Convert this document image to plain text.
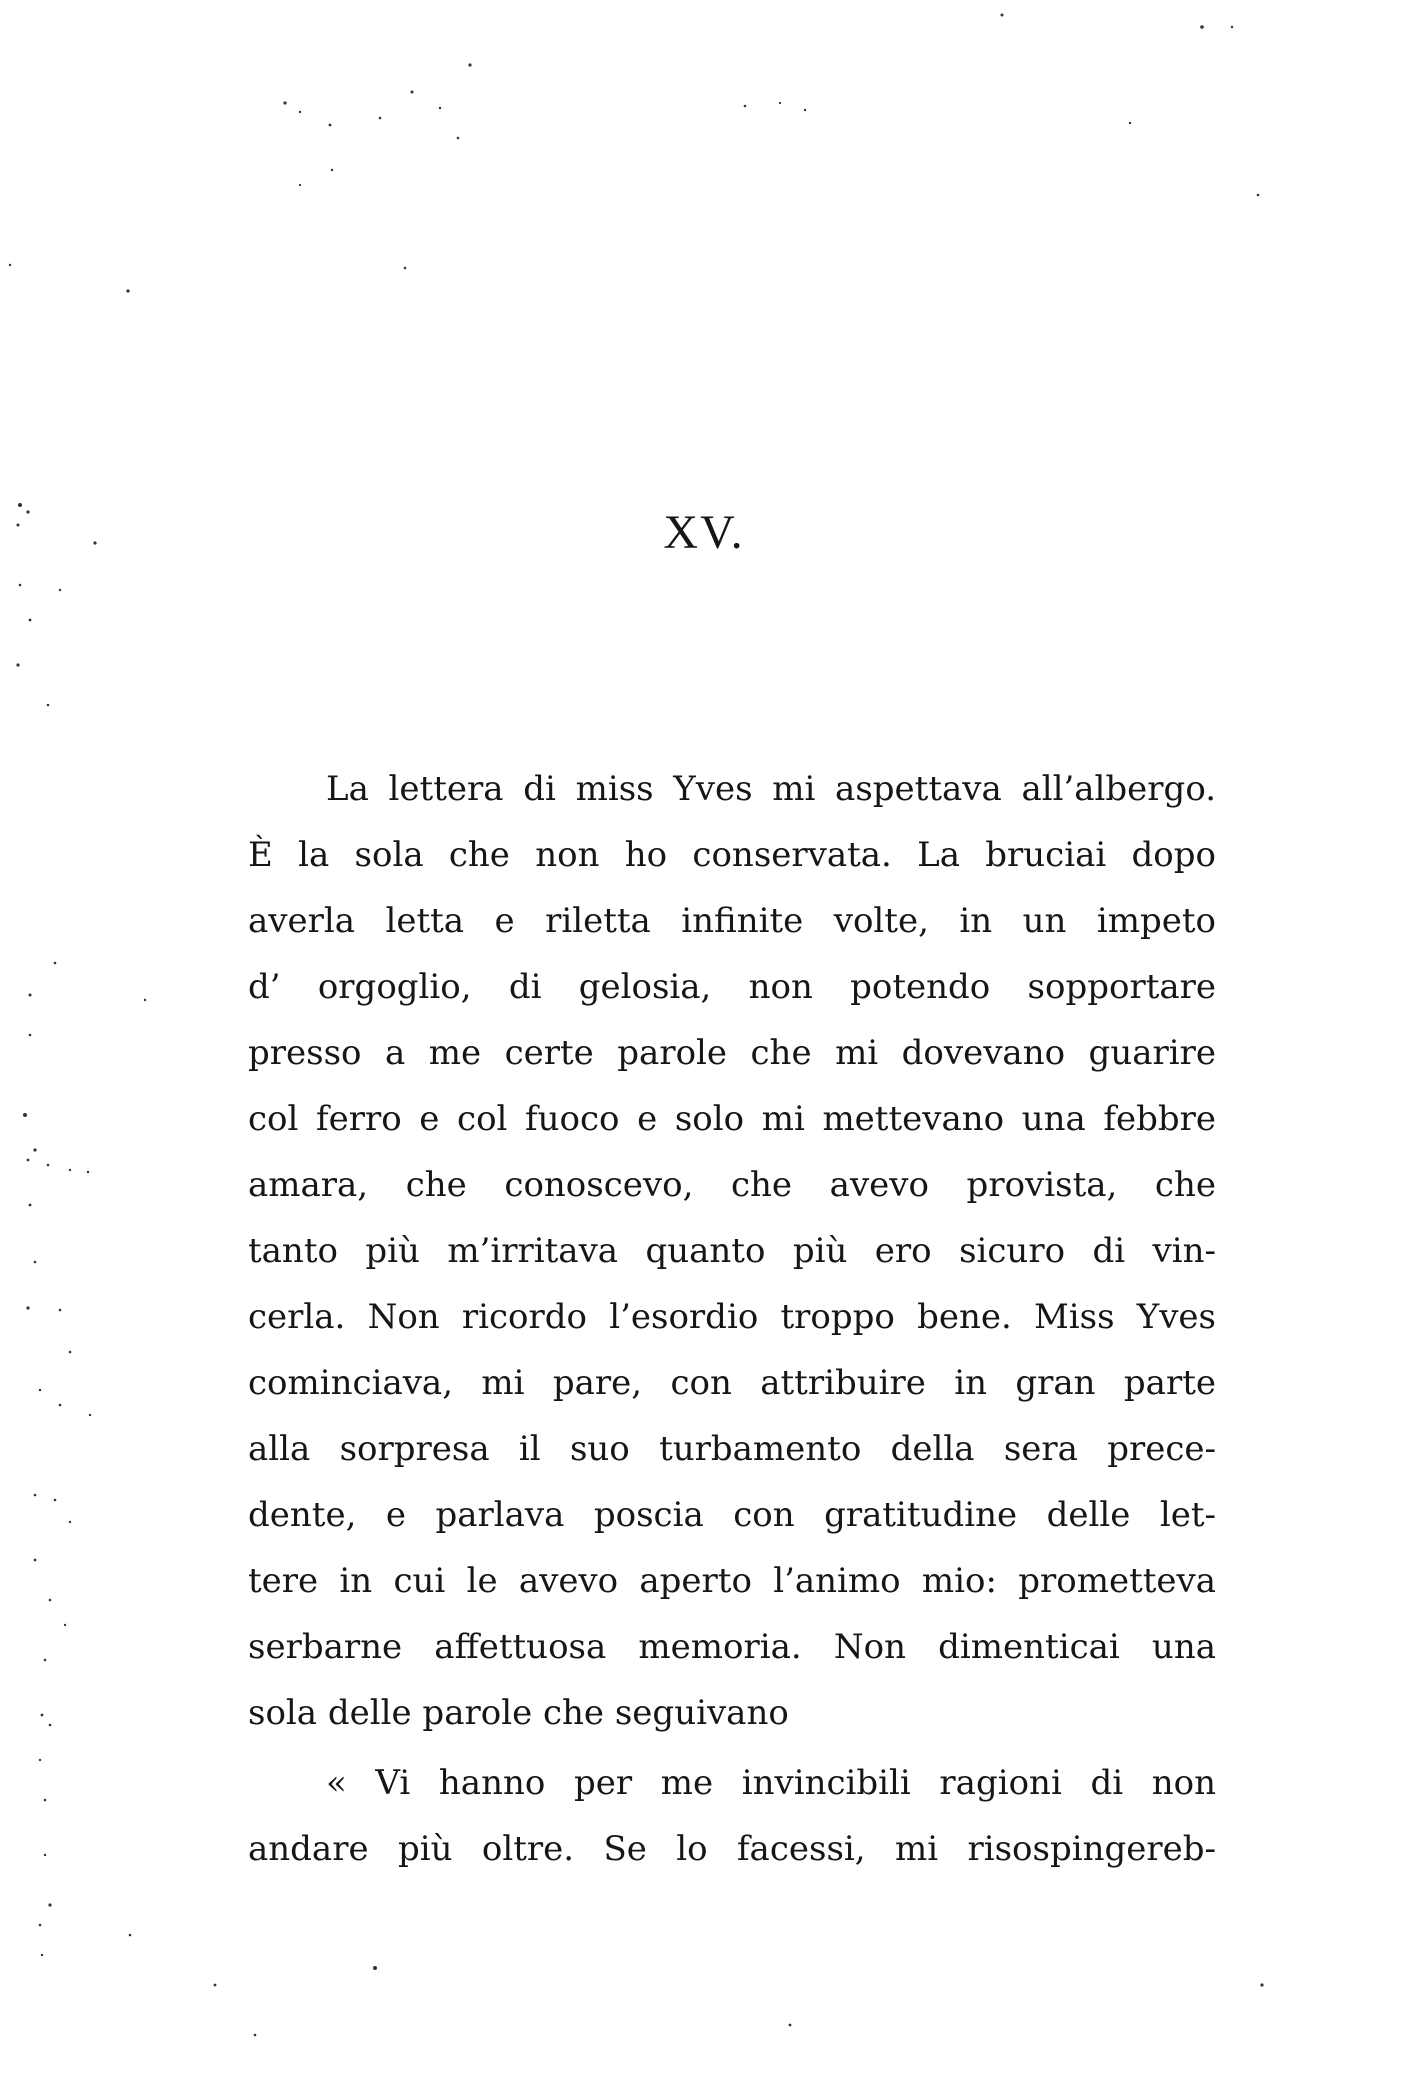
XV.
La lettera di miss Yves mi aspettava all’albergo.
È la sola che non ho conservata. La bruciai dopo
averla letta e riletta infinite volte, in un impeto
d’ orgoglio, di gelosia, non potendo sopportare
presso a me certe parole che mi dovevano guarire
col ferro e col fuoco e solo mi mettevano una febbre
amara, che conoscevo, che avevo provista, che
tanto più m’irritava quanto più ero sicuro di vin-
cerla. Non ricordo l’esordio troppo bene. Miss Yves
cominciava, mi pare, con attribuire in gran parte
alla sorpresa il suo turbamento della sera prece-
dente, e parlava poscia con gratitudine delle let-
tere in cui le avevo aperto l’animo mio: prometteva
serbarne affettuosa memoria. Non dimenticai una
sola delle parole che seguivano
« Vi hanno per me invincibili ragioni di non
andare più oltre. Se lo facessi, mi risospingereb-
